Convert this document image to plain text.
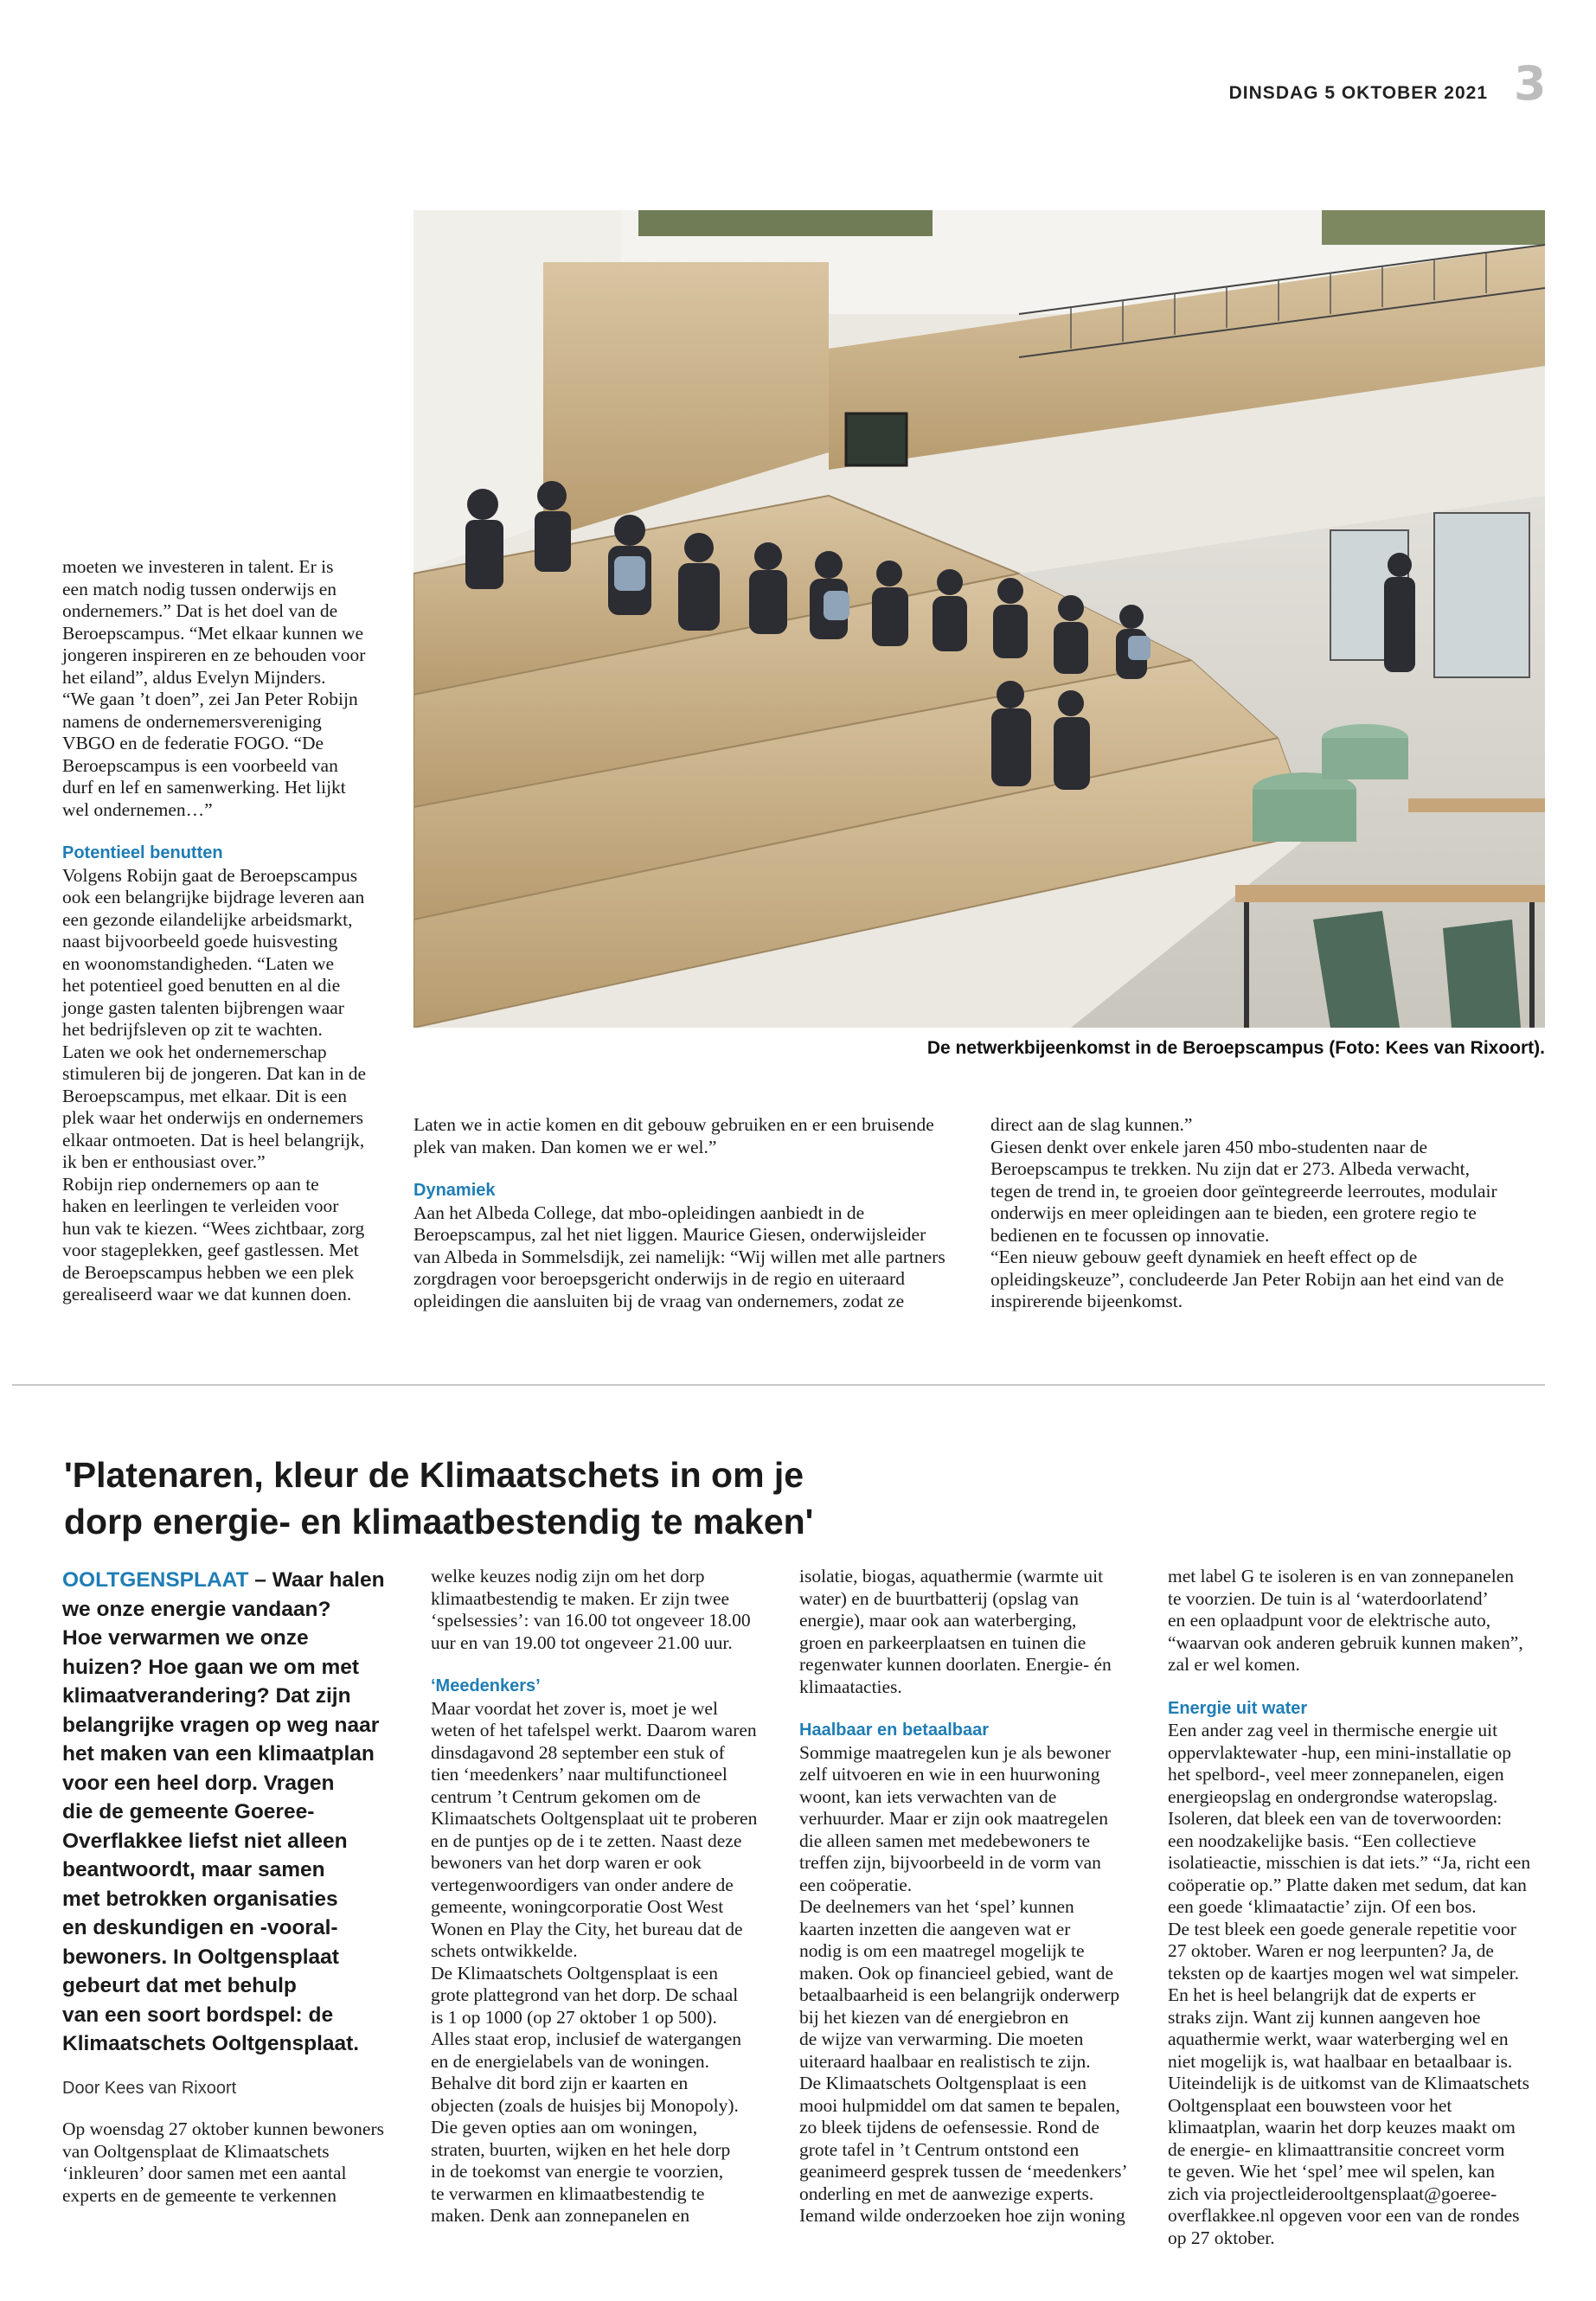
DINSDAG 5 OKTOBER 2021 3
moeten we investeren in talent. Er is
een match nodig tussen onderwijs en
ondernemers.” Dat is het doel van de
Beroepscampus. “Met elkaar kunnen we
jongeren inspireren en ze behouden voor
het eiland”, aldus Evelyn Mijnders.
“We gaan ’t doen”, zei Jan Peter Robijn
namens de ondernemersvereniging
VBGO en de federatie FOGO. “De
Beroepscampus is een voorbeeld van
durf en lef en samenwerking. Het lijkt
wel ondernemen…”
Potentieel benutten
Volgens Robijn gaat de Beroepscampus
ook een belangrijke bijdrage leveren aan
een gezonde eilandelijke arbeidsmarkt,
naast bijvoorbeeld goede huisvesting
en woonomstandigheden. “Laten we
het potentieel goed benutten en al die
jonge gasten talenten bijbrengen waar
het bedrijfsleven op zit te wachten.
Laten we ook het ondernemerschap
stimuleren bij de jongeren. Dat kan in de
Beroepscampus, met elkaar. Dit is een
plek waar het onderwijs en ondernemers
elkaar ontmoeten. Dat is heel belangrijk,
ik ben er enthousiast over.”
Robijn riep ondernemers op aan te
haken en leerlingen te verleiden voor
hun vak te kiezen. “Wees zichtbaar, zorg
voor stageplekken, geef gastlessen. Met
de Beroepscampus hebben we een plek
gerealiseerd waar we dat kunnen doen.
De netwerkbijeenkomst in de Beroepscampus (Foto: Kees van Rixoort).
Laten we in actie komen en dit gebouw gebruiken en er een bruisende
plek van maken. Dan komen we er wel.”
Dynamiek
Aan het Albeda College, dat mbo-opleidingen aanbiedt in de
Beroepscampus, zal het niet liggen. Maurice Giesen, onderwijsleider
van Albeda in Sommelsdijk, zei namelijk: “Wij willen met alle partners
zorgdragen voor beroepsgericht onderwijs in de regio en uiteraard
opleidingen die aansluiten bij de vraag van ondernemers, zodat ze
direct aan de slag kunnen.”
Giesen denkt over enkele jaren 450 mbo-studenten naar de
Beroepscampus te trekken. Nu zijn dat er 273. Albeda verwacht,
tegen de trend in, te groeien door geïntegreerde leerroutes, modulair
onderwijs en meer opleidingen aan te bieden, een grotere regio te
bedienen en te focussen op innovatie.
“Een nieuw gebouw geeft dynamiek en heeft effect op de
opleidingskeuze”, concludeerde Jan Peter Robijn aan het eind van de
inspirerende bijeenkomst.
'Platenaren, kleur de Klimaatschets in om je
dorp energie- en klimaatbestendig te maken'
OOLTGENSPLAAT – Waar halen
we onze energie vandaan?
Hoe verwarmen we onze
huizen? Hoe gaan we om met
klimaatverandering? Dat zijn
belangrijke vragen op weg naar
het maken van een klimaatplan
voor een heel dorp. Vragen
die de gemeente Goeree-
Overflakkee liefst niet alleen
beantwoordt, maar samen
met betrokken organisaties
en deskundigen en -vooral-
bewoners. In Ooltgensplaat
gebeurt dat met behulp
van een soort bordspel: de
Klimaatschets Ooltgensplaat.
Door Kees van Rixoort
Op woensdag 27 oktober kunnen bewoners
van Ooltgensplaat de Klimaatschets
‘inkleuren’ door samen met een aantal
experts en de gemeente te verkennen
welke keuzes nodig zijn om het dorp
klimaatbestendig te maken. Er zijn twee
‘spelsessies’: van 16.00 tot ongeveer 18.00
uur en van 19.00 tot ongeveer 21.00 uur.
‘Meedenkers’
Maar voordat het zover is, moet je wel
weten of het tafelspel werkt. Daarom waren
dinsdagavond 28 september een stuk of
tien ‘meedenkers’ naar multifunctioneel
centrum ’t Centrum gekomen om de
Klimaatschets Ooltgensplaat uit te proberen
en de puntjes op de i te zetten. Naast deze
bewoners van het dorp waren er ook
vertegenwoordigers van onder andere de
gemeente, woningcorporatie Oost West
Wonen en Play the City, het bureau dat de
schets ontwikkelde.
De Klimaatschets Ooltgensplaat is een
grote plattegrond van het dorp. De schaal
is 1 op 1000 (op 27 oktober 1 op 500).
Alles staat erop, inclusief de watergangen
en de energielabels van de woningen.
Behalve dit bord zijn er kaarten en
objecten (zoals de huisjes bij Monopoly).
Die geven opties aan om woningen,
straten, buurten, wijken en het hele dorp
in de toekomst van energie te voorzien,
te verwarmen en klimaatbestendig te
maken. Denk aan zonnepanelen en
isolatie, biogas, aquathermie (warmte uit
water) en de buurtbatterij (opslag van
energie), maar ook aan waterberging,
groen en parkeerplaatsen en tuinen die
regenwater kunnen doorlaten. Energie- én
klimaatacties.
Haalbaar en betaalbaar
Sommige maatregelen kun je als bewoner
zelf uitvoeren en wie in een huurwoning
woont, kan iets verwachten van de
verhuurder. Maar er zijn ook maatregelen
die alleen samen met medebewoners te
treffen zijn, bijvoorbeeld in de vorm van
een coöperatie.
De deelnemers van het ‘spel’ kunnen
kaarten inzetten die aangeven wat er
nodig is om een maatregel mogelijk te
maken. Ook op financieel gebied, want de
betaalbaarheid is een belangrijk onderwerp
bij het kiezen van dé energiebron en
de wijze van verwarming. Die moeten
uiteraard haalbaar en realistisch te zijn.
De Klimaatschets Ooltgensplaat is een
mooi hulpmiddel om dat samen te bepalen,
zo bleek tijdens de oefensessie. Rond de
grote tafel in ’t Centrum ontstond een
geanimeerd gesprek tussen de ‘meedenkers’
onderling en met de aanwezige experts.
Iemand wilde onderzoeken hoe zijn woning
met label G te isoleren is en van zonnepanelen
te voorzien. De tuin is al ‘waterdoorlatend’
en een oplaadpunt voor de elektrische auto,
“waarvan ook anderen gebruik kunnen maken”,
zal er wel komen.
Energie uit water
Een ander zag veel in thermische energie uit
oppervlaktewater -hup, een mini-installatie op
het spelbord-, veel meer zonnepanelen, eigen
energieopslag en ondergrondse wateropslag.
Isoleren, dat bleek een van de toverwoorden:
een noodzakelijke basis. “Een collectieve
isolatieactie, misschien is dat iets.” “Ja, richt een
coöperatie op.” Platte daken met sedum, dat kan
een goede ‘klimaatactie’ zijn. Of een bos.
De test bleek een goede generale repetitie voor
27 oktober. Waren er nog leerpunten? Ja, de
teksten op de kaartjes mogen wel wat simpeler.
En het is heel belangrijk dat de experts er
straks zijn. Want zij kunnen aangeven hoe
aquathermie werkt, waar waterberging wel en
niet mogelijk is, wat haalbaar en betaalbaar is.
Uiteindelijk is de uitkomst van de Klimaatschets
Ooltgensplaat een bouwsteen voor het
klimaatplan, waarin het dorp keuzes maakt om
de energie- en klimaattransitie concreet vorm
te geven. Wie het ‘spel’ mee wil spelen, kan
zich via projectleiderooltgensplaat@goeree-
overflakkee.nl opgeven voor een van de rondes
op 27 oktober.
